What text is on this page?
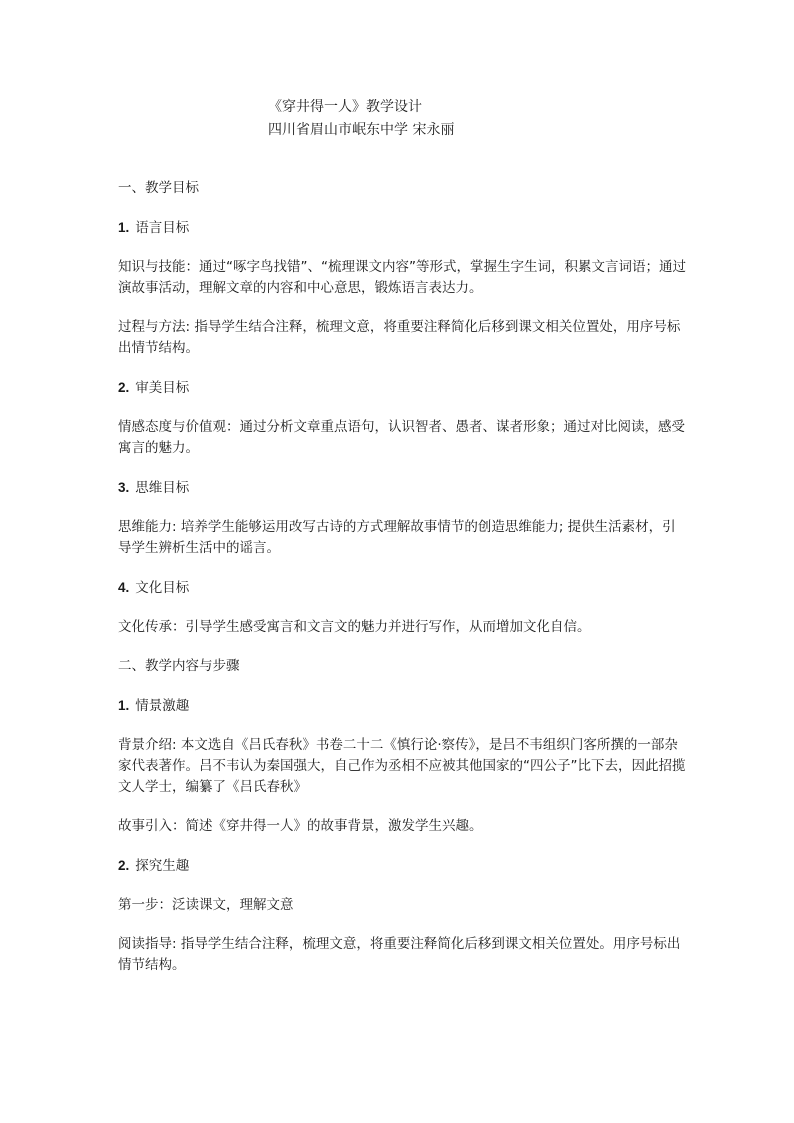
《穿井得一人》教学设计
四川省眉山市岷东中学 宋永丽
一、教学目标
1. 语言目标

知识与技能：通过“啄字鸟找错”、“梳理课文内容”等形式，掌握生字生词，积累文言词语；通过演故事活动，理解文章的内容和中心意思，锻炼语言表达力。

过程与方法: 指导学生结合注释，梳理文意，将重要注释简化后移到课文相关位置处，用序号标出情节结构。

2. 审美目标

情感态度与价值观：通过分析文章重点语句，认识智者、愚者、谋者形象；通过对比阅读，感受寓言的魅力。

3. 思维目标

思维能力: 培养学生能够运用改写古诗的方式理解故事情节的创造思维能力; 提供生活素材，引导学生辨析生活中的谣言。

4. 文化目标

文化传承：引导学生感受寓言和文言文的魅力并进行写作，从而增加文化自信。

二、教学内容与步骤
1. 情景激趣

背景介绍: 本文选自《吕氏春秋》书卷二十二《慎行论·察传》，是吕不韦组织门客所撰的一部杂家代表著作。吕不韦认为秦国强大，自己作为丞相不应被其他国家的“四公子”比下去，因此招揽文人学士，编纂了《吕氏春秋》

故事引入：简述《穿井得一人》的故事背景，激发学生兴趣。

2. 探究生趣

第一步：泛读课文，理解文意

阅读指导: 指导学生结合注释，梳理文意，将重要注释简化后移到课文相关位置处。用序号标出情节结构。
